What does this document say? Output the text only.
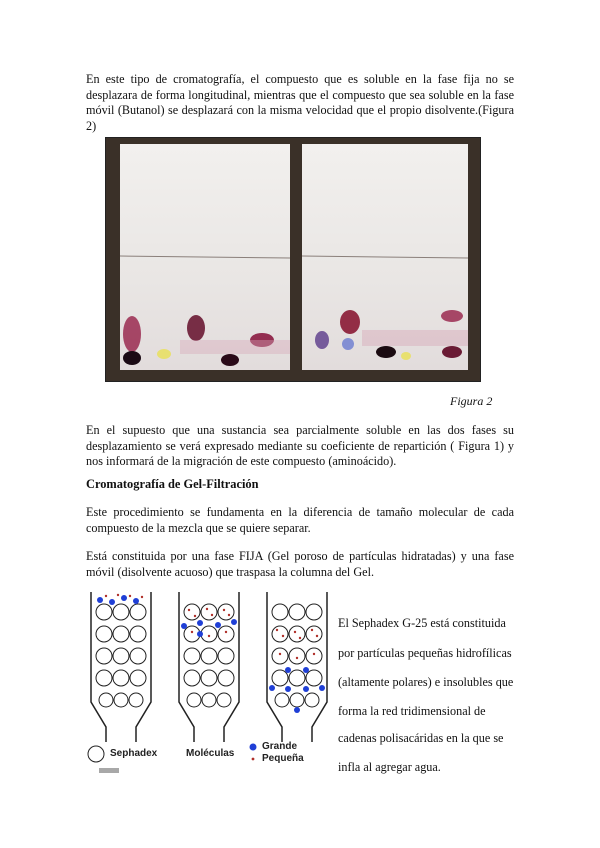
En este tipo de cromatografía, el compuesto que es soluble en la fase fija no se desplazara de forma longitudinal, mientras que el compuesto que sea soluble en la fase móvil (Butanol) se desplazará con la misma velocidad que el propio disolvente.(Figura 2)

Figura 2

En el supuesto que una sustancia sea parcialmente soluble en las dos fases su desplazamiento se verá expresado mediante su coeficiente de repartición ( Figura 1) y nos informará de la migración de este compuesto (aminoácido).

Cromatografía de Gel-Filtración

Este procedimiento se fundamenta en la diferencia de tamaño molecular de cada compuesto de la mezcla que se quiere separar.

Está constituida por una fase FIJA (Gel poroso de partículas hidratadas) y una fase móvil (disolvente acuoso) que traspasa la columna del Gel.

Sephadex	Moléculas
Grande
Pequeña

El Sephadex G-25 está constituida

por partículas pequeñas hidrofílicas

(altamente polares) e insolubles que

forma la red tridimensional de

cadenas polisacáridas en la que se

infla al agregar agua.
